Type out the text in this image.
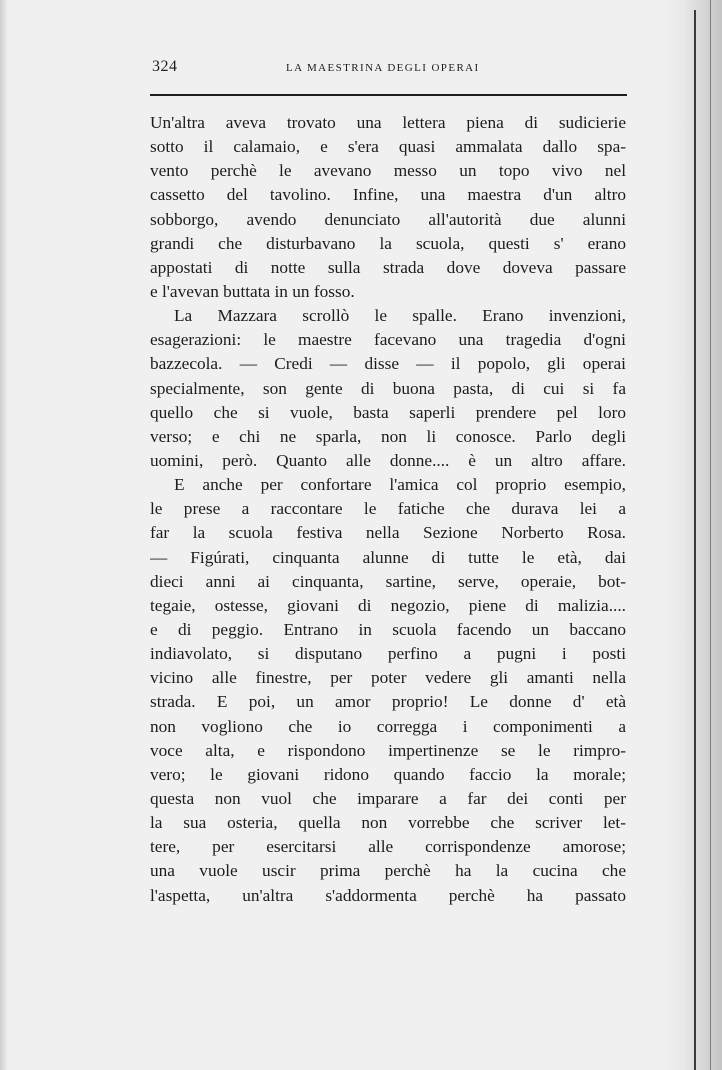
324	LA MAESTRINA DEGLI OPERAI
Un'altra aveva trovato una lettera piena di sudicierie
sotto il calamaio, e s'era quasi ammalata dallo spa-
vento perchè le avevano messo un topo vivo nel
cassetto del tavolino. Infine, una maestra d'un altro
sobborgo, avendo denunciato all'autorità due alunni
grandi che disturbavano la scuola, questi s' erano
appostati di notte sulla strada dove doveva passare
e l'avevan buttata in un fosso.
La Mazzara scrollò le spalle. Erano invenzioni,
esagerazioni: le maestre facevano una tragedia d'ogni
bazzecola. — Credi — disse — il popolo, gli operai
specialmente, son gente di buona pasta, di cui si fa
quello che si vuole, basta saperli prendere pel loro
verso; e chi ne sparla, non li conosce. Parlo degli
uomini, però. Quanto alle donne.... è un altro affare.
E anche per confortare l'amica col proprio esempio,
le prese a raccontare le fatiche che durava lei a
far la scuola festiva nella Sezione Norberto Rosa.
— Figúrati, cinquanta alunne di tutte le età, dai
dieci anni ai cinquanta, sartine, serve, operaie, bot-
tegaie, ostesse, giovani di negozio, piene di malizia....
e di peggio. Entrano in scuola facendo un baccano
indiavolato, si disputano perfino a pugni i posti
vicino alle finestre, per poter vedere gli amanti nella
strada. E poi, un amor proprio! Le donne d' età
non vogliono che io corregga i componimenti a
voce alta, e rispondono impertinenze se le rimpro-
vero; le giovani ridono quando faccio la morale;
questa non vuol che imparare a far dei conti per
la sua osteria, quella non vorrebbe che scriver let-
tere, per esercitarsi alle corrispondenze amorose;
una vuole uscir prima perchè ha la cucina che
l'aspetta, un'altra s'addormenta perchè ha passato
